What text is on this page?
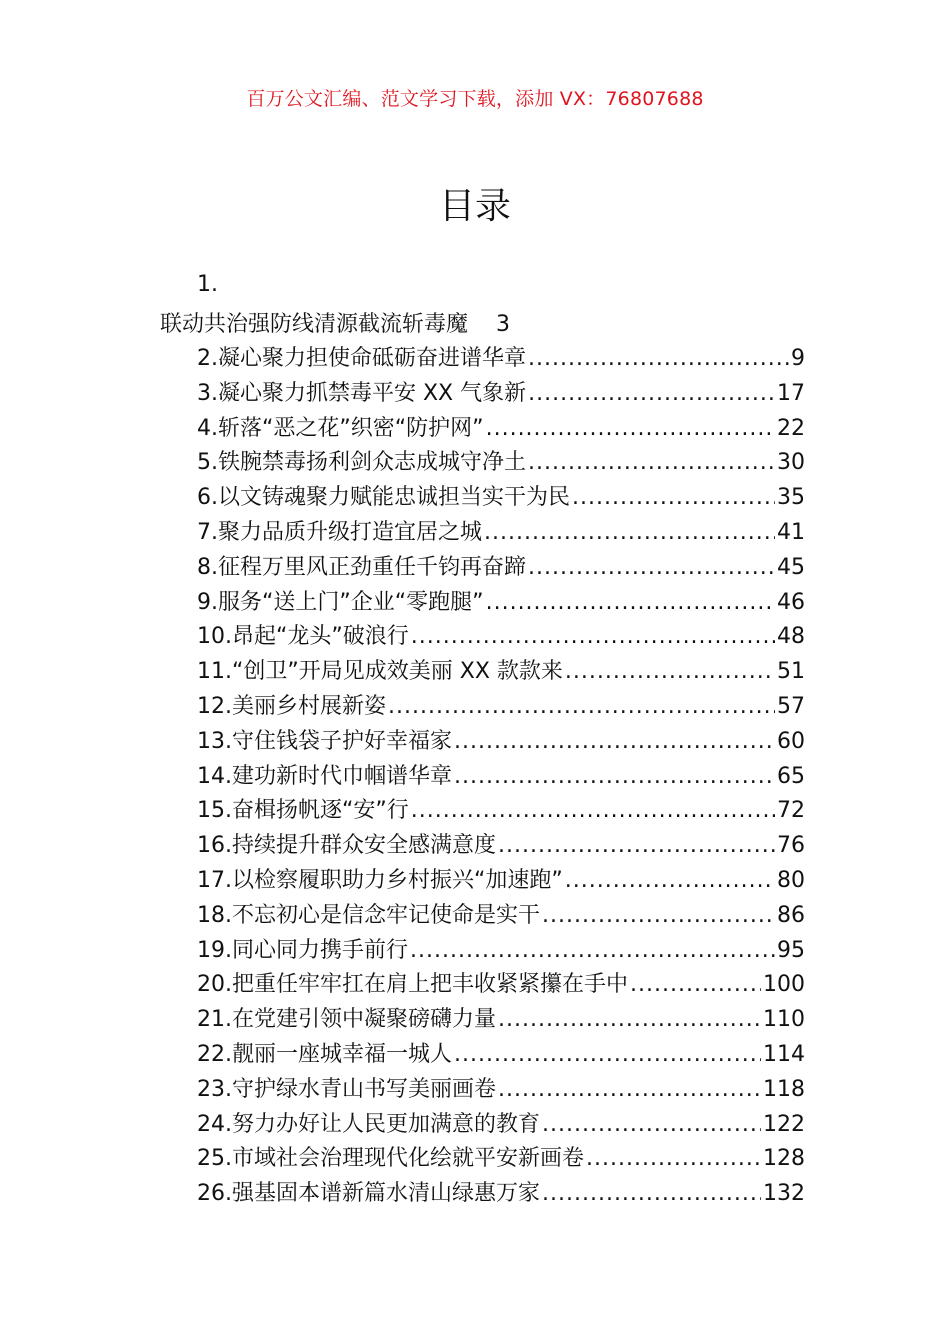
百万公文汇编、范文学习下载，添加 VX：76807688
目录
1.
联动共治强防线清源截流斩毒魔 3
2.凝心聚力担使命砥砺奋进谱华章 .....	9
3.凝心聚力抓禁毒平安 XX 气象新 .....	17
4.斩落“恶之花”织密“防护网” .....	22
5.铁腕禁毒扬利剑众志成城守净土 .....	30
6.以文铸魂聚力赋能忠诚担当实干为民 .....	35
7.聚力品质升级打造宜居之城 .....	41
8.征程万里风正劲重任千钧再奋蹄 .....	45
9.服务“送上门”企业“零跑腿” .....	46
10.昂起“龙头”破浪行 .....	48
11.“创卫”开局见成效美丽 XX 款款来 .....	51
12.美丽乡村展新姿 .....	57
13.守住钱袋子护好幸福家 .....	60
14.建功新时代巾帼谱华章 .....	65
15.奋楫扬帆逐“安”行 .....	72
16.持续提升群众安全感满意度 .....	76
17.以检察履职助力乡村振兴“加速跑” .....	80
18.不忘初心是信念牢记使命是实干 .....	86
19.同心同力携手前行 .....	95
20.把重任牢牢扛在肩上把丰收紧紧攥在手中 .....	100
21.在党建引领中凝聚磅礴力量 .....	110
22.靓丽一座城幸福一城人 .....	114
23.守护绿水青山书写美丽画卷 .....	118
24.努力办好让人民更加满意的教育 .....	122
25.市域社会治理现代化绘就平安新画卷 .....	128
26.强基固本谱新篇水清山绿惠万家 .....	132
